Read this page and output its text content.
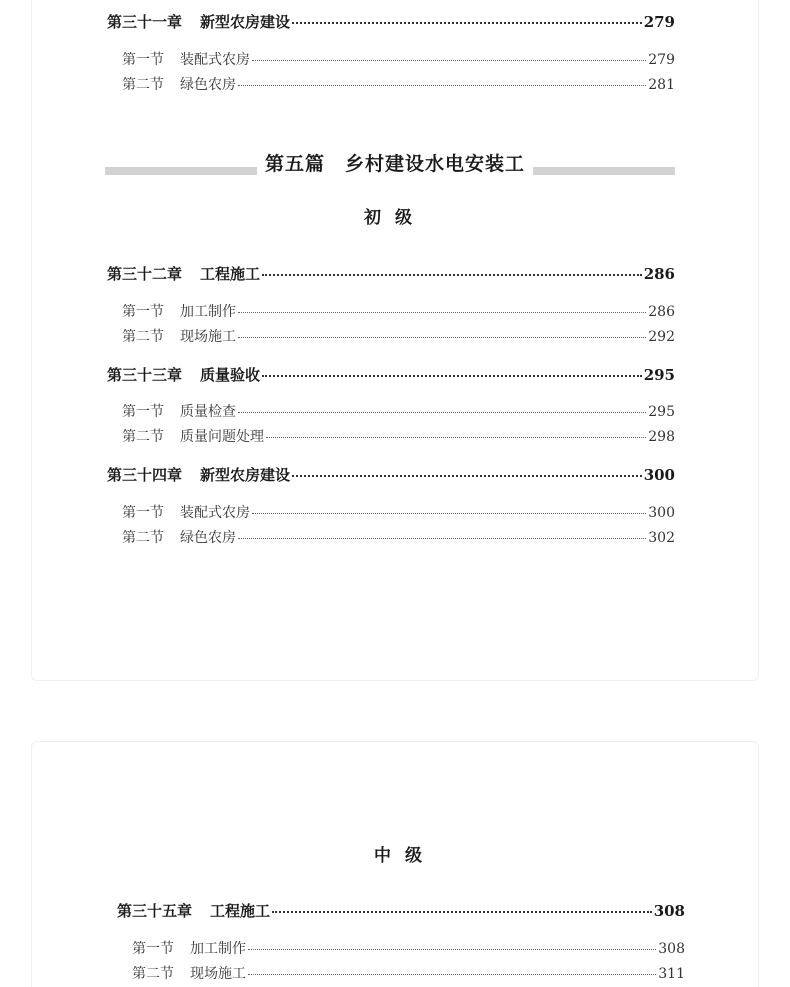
第三十一章 新型农房建设	279
第一节 装配式农房	279
第二节 绿色农房	281
第五篇　乡村建设水电安装工
初级
第三十二章 工程施工	286
第一节 加工制作	286
第二节 现场施工	292
第三十三章 质量验收	295
第一节 质量检查	295
第二节 质量问题处理	298
第三十四章 新型农房建设	300
第一节 装配式农房	300
第二节 绿色农房	302
中级
第三十五章 工程施工	308
第一节 加工制作	308
第二节 现场施工	311
